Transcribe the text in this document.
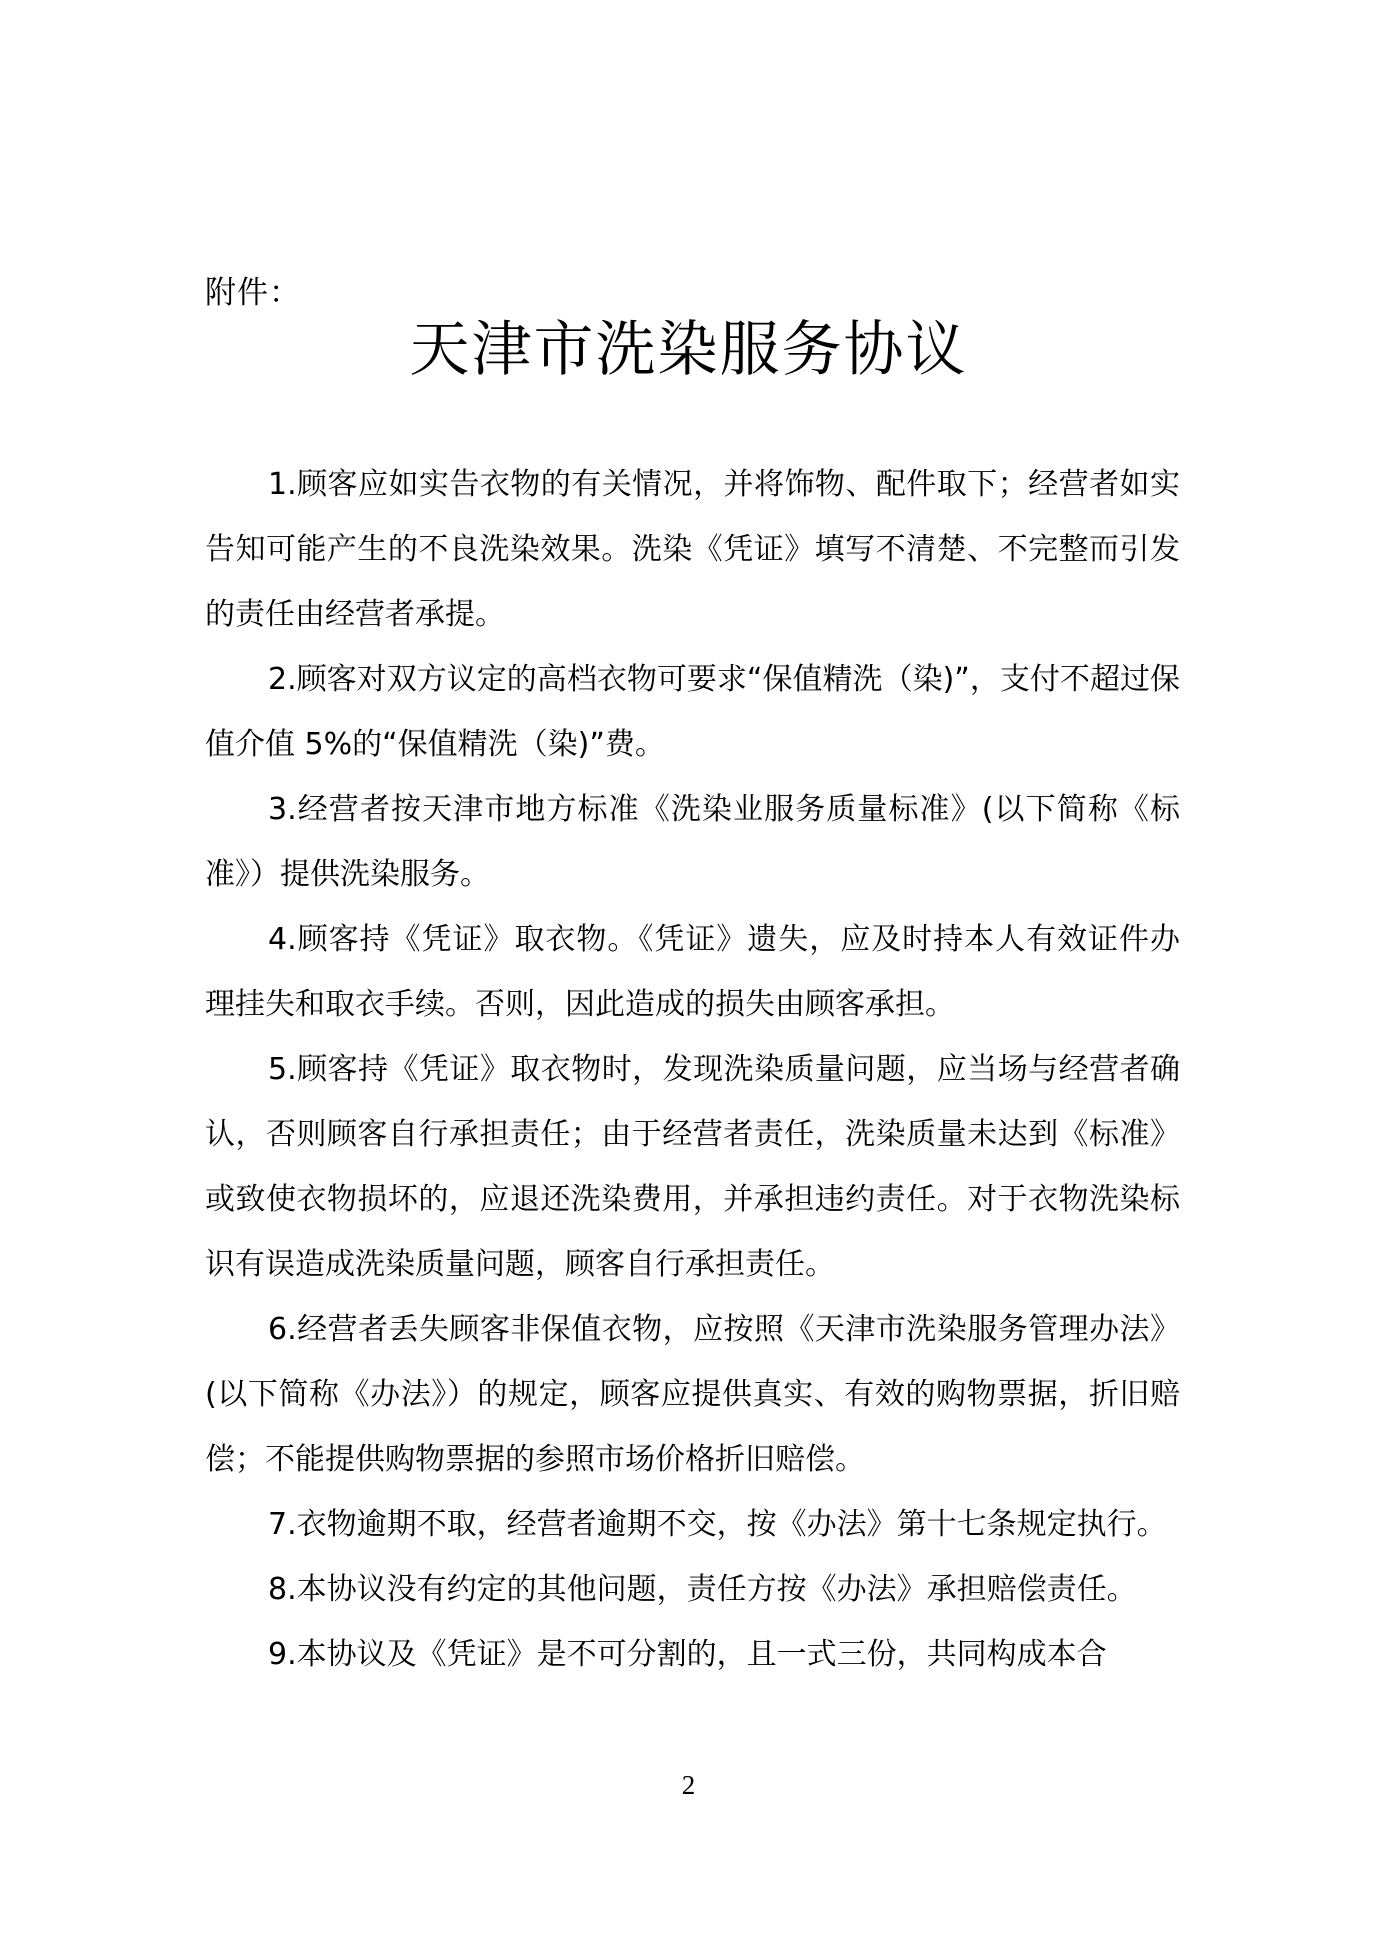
附件：
天津市洗染服务协议

1.顾客应如实告衣物的有关情况，并将饰物、配件取下；经营者如实告知可能产生的不良洗染效果。洗染《凭证》填写不清楚、不完整而引发的责任由经营者承提。

2.顾客对双方议定的高档衣物可要求“保值精洗（染)”，支付不超过保值介值 5%的“保值精洗（染)”费。

3.经营者按天津市地方标准《洗染业服务质量标准》(以下简称《标准》）提供洗染服务。

4.顾客持《凭证》取衣物。《凭证》遗失，应及时持本人有效证件办理挂失和取衣手续。否则，因此造成的损失由顾客承担。

5.顾客持《凭证》取衣物时，发现洗染质量问题，应当场与经营者确认，否则顾客自行承担责任；由于经营者责任，洗染质量未达到《标准》或致使衣物损坏的，应退还洗染费用，并承担违约责任。对于衣物洗染标识有误造成洗染质量问题，顾客自行承担责任。

6.经营者丢失顾客非保值衣物，应按照《天津市洗染服务管理办法》(以下简称《办法》）的规定，顾客应提供真实、有效的购物票据，折旧赔偿；不能提供购物票据的参照市场价格折旧赔偿。

7.衣物逾期不取，经营者逾期不交，按《办法》第十七条规定执行。

8.本协议没有约定的其他问题，责任方按《办法》承担赔偿责任。

9.本协议及《凭证》是不可分割的，且一式三份，共同构成本合

2
